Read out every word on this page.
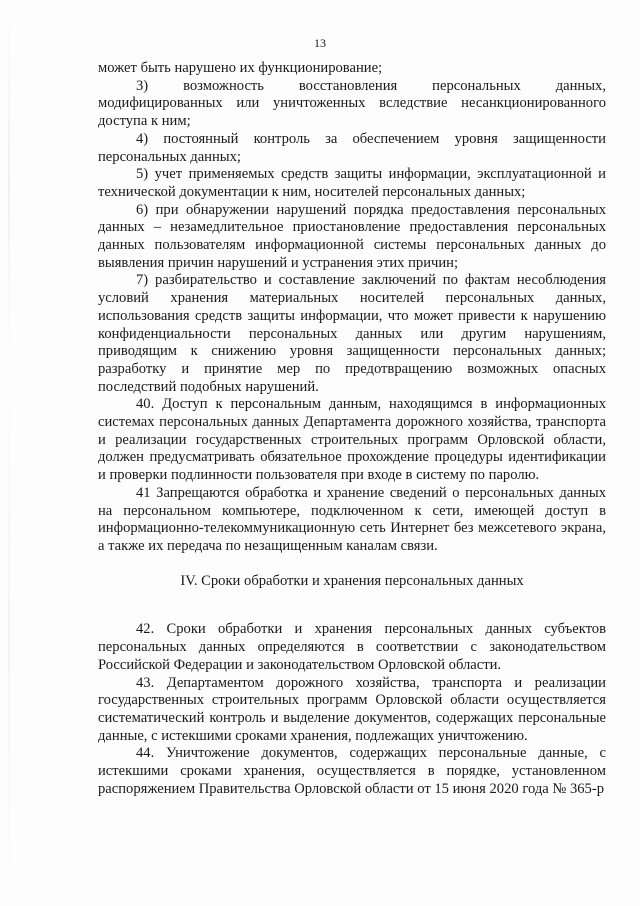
13

может быть нарушено их функционирование;

3) возможность восстановления персональных данных, модифицированных или уничтоженных вследствие несанкционированного доступа к ним;

4) постоянный контроль за обеспечением уровня защищенности персональных данных;

5) учет применяемых средств защиты информации, эксплуатационной и технической документации к ним, носителей персональных данных;

6) при обнаружении нарушений порядка предоставления персональных данных – незамедлительное приостановление предоставления персональных данных пользователям информационной системы персональных данных до выявления причин нарушений и устранения этих причин;

7) разбирательство и составление заключений по фактам несоблюдения условий хранения материальных носителей персональных данных, использования средств защиты информации, что может привести к нарушению конфиденциальности персональных данных или другим нарушениям, приводящим к снижению уровня защищенности персональных данных; разработку и принятие мер по предотвращению возможных опасных последствий подобных нарушений.

40. Доступ к персональным данным, находящимся в информационных системах персональных данных Департамента дорожного хозяйства, транспорта и реализации государственных строительных программ Орловской области, должен предусматривать обязательное прохождение процедуры идентификации и проверки подлинности пользователя при входе в систему по паролю.

41 Запрещаются обработка и хранение сведений о персональных данных на персональном компьютере, подключенном к сети, имеющей доступ в информационно-телекоммуникационную сеть Интернет без межсетевого экрана, а также их передача по незащищенным каналам связи.

IV. Сроки обработки и хранения персональных данных

42. Сроки обработки и хранения персональных данных субъектов персональных данных определяются в соответствии с законодательством Российской Федерации и законодательством Орловской области.

43. Департаментом дорожного хозяйства, транспорта и реализации государственных строительных программ Орловской области осуществляется систематический контроль и выделение документов, содержащих персональные данные, с истекшими сроками хранения, подлежащих уничтожению.

44. Уничтожение документов, содержащих персональные данные, с истекшими сроками хранения, осуществляется в порядке, установленном распоряжением Правительства Орловской области от 15 июня 2020 года № 365-р
